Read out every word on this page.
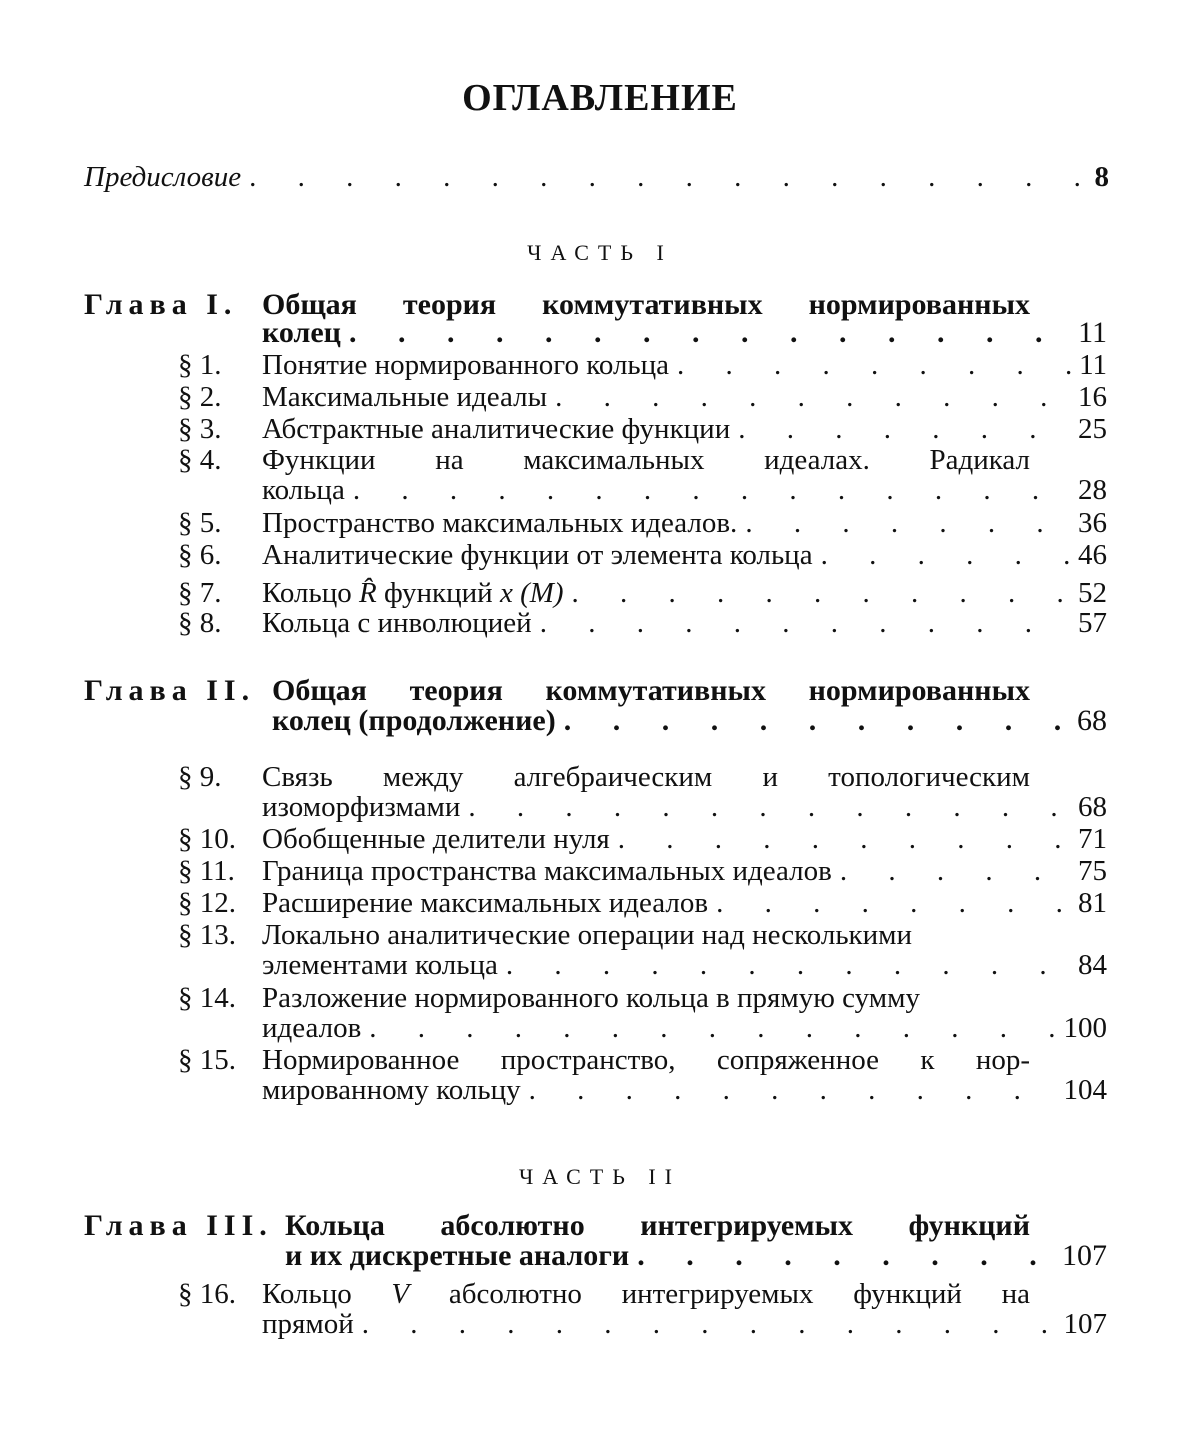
ОГЛАВЛЕНИЕ
Предисловие . . .	8
ЧАСТЬ I
Глава I. Общая теория коммутативных нормированных
колец . . .	11
§ 1. Понятие нормированного кольца . . .	11
§ 2. Максимальные идеалы . . .	16
§ 3. Абстрактные аналитические функции . . .	25
§ 4. Функции на максимальных идеалах. Радикал
кольца . . .	28
§ 5. Пространство максимальных идеалов. . . .	36
§ 6. Аналитические функции от элемента кольца . . .	46
§ 7. Кольцо R̂ функций x (M) . . .	52
§ 8. Кольца с инволюцией . . .	57
Глава II. Общая теория коммутативных нормированных
колец (продолжение) . . .	68
§ 9. Связь между алгебраическим и топологическим
изоморфизмами . . .	68
§ 10. Обобщенные делители нуля . . .	71
§ 11. Граница пространства максимальных идеалов . . .	75
§ 12. Расширение максимальных идеалов . . .	81
§ 13. Локально аналитические операции над несколькими
элементами кольца . . .	84
§ 14. Разложение нормированного кольца в прямую сумму
идеалов . . .	100
§ 15. Нормированное пространство, сопряженное к нор-
мированному кольцу . . .	104
ЧАСТЬ II
Глава III. Кольца абсолютно интегрируемых функций
и их дискретные аналоги . . .	107
§ 16. Кольцо V абсолютно интегрируемых функций на
прямой . . .	107
